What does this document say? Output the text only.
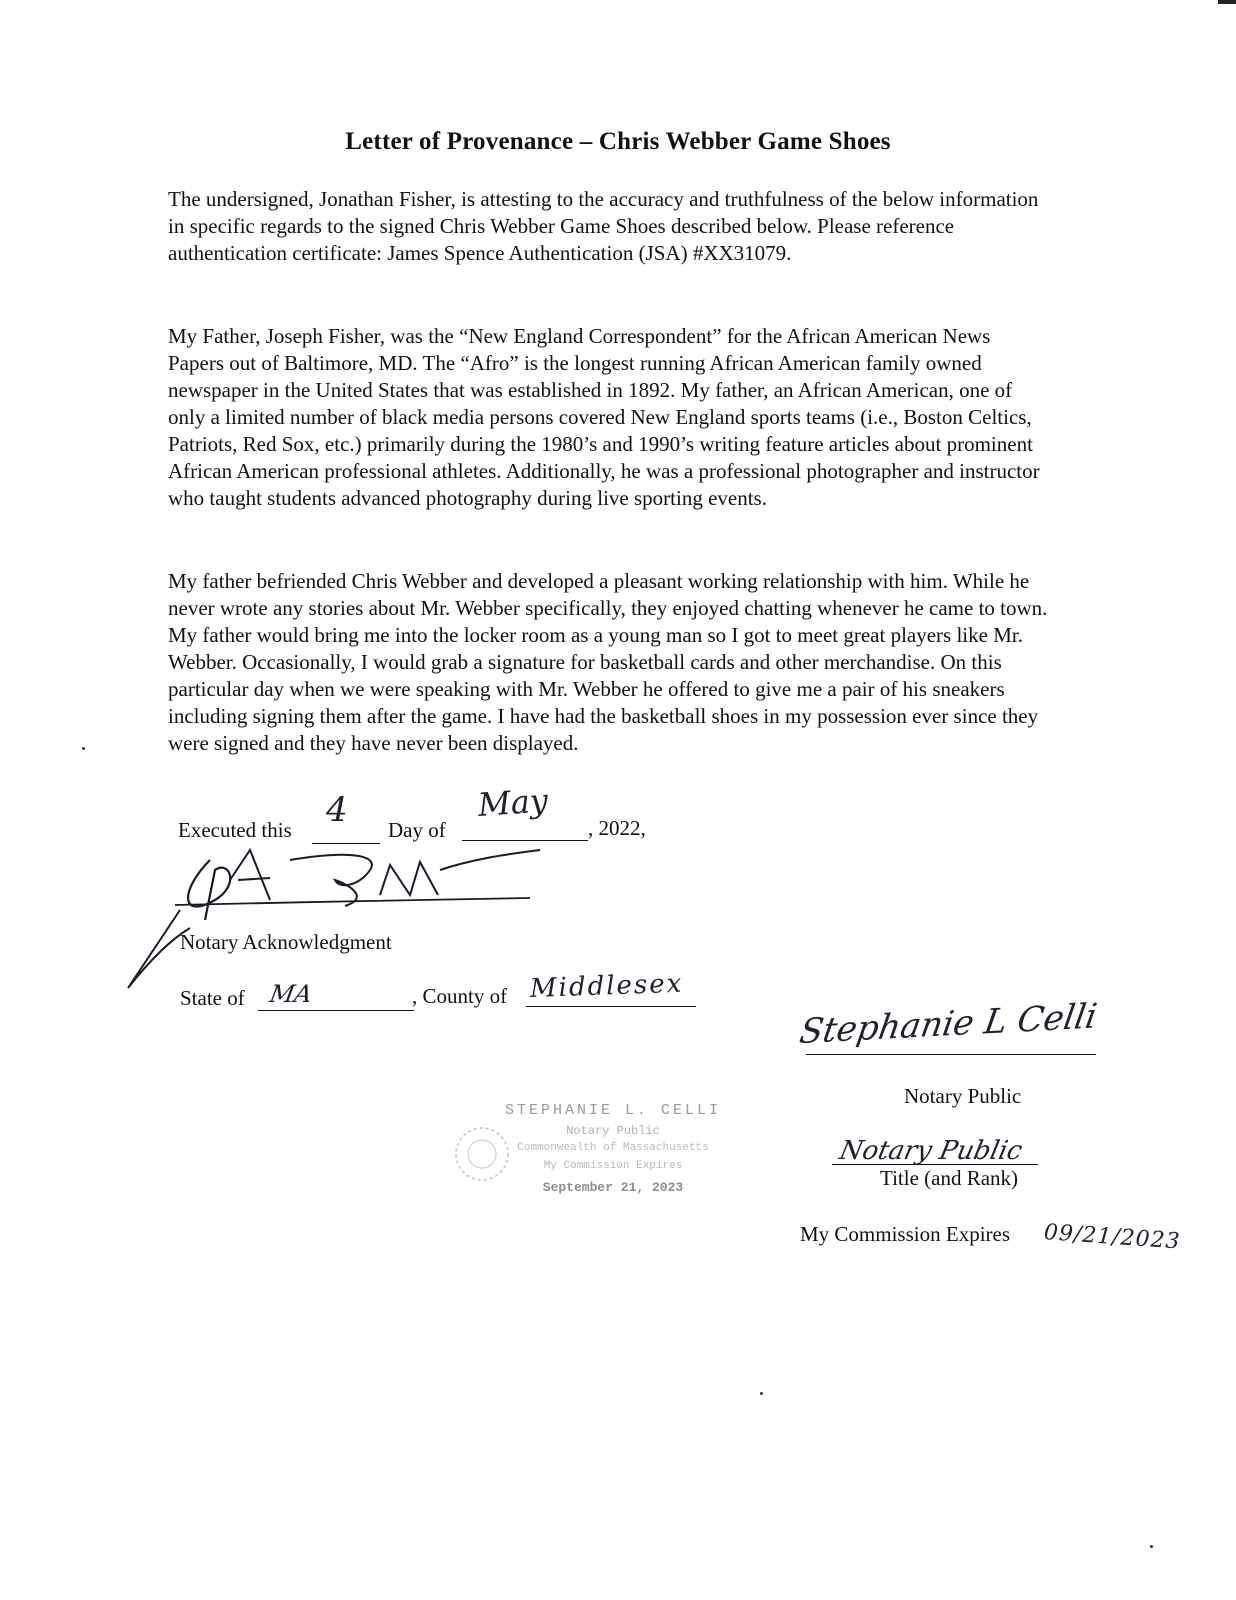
Letter of Provenance – Chris Webber Game Shoes

The undersigned, Jonathan Fisher, is attesting to the accuracy and truthfulness of the below information in specific regards to the signed Chris Webber Game Shoes described below. Please reference authentication certificate: James Spence Authentication (JSA) #XX31079.

My Father, Joseph Fisher, was the “New England Correspondent” for the African American News Papers out of Baltimore, MD. The “Afro” is the longest running African American family owned newspaper in the United States that was established in 1892. My father, an African American, one of only a limited number of black media persons covered New England sports teams (i.e., Boston Celtics, Patriots, Red Sox, etc.) primarily during the 1980’s and 1990’s writing feature articles about prominent African American professional athletes. Additionally, he was a professional photographer and instructor who taught students advanced photography during live sporting events.

My father befriended Chris Webber and developed a pleasant working relationship with him. While he never wrote any stories about Mr. Webber specifically, they enjoyed chatting whenever he came to town. My father would bring me into the locker room as a young man so I got to meet great players like Mr. Webber. Occasionally, I would grab a signature for basketball cards and other merchandise. On this particular day when we were speaking with Mr. Webber he offered to give me a pair of his sneakers including signing them after the game. I have had the basketball shoes in my possession ever since they were signed and they have never been displayed.

Executed this 4 Day of
May
, 2022,
Notary Acknowledgment
State of MA	, County of Middlesex
Stephanie L Celli
Notary Public
Notary Public
Title (and Rank)
My Commission Expires 09/21/2023
STEPHANIE L. CELLI
Notary Public
Commonwealth of Massachusetts
My Commission Expires
September 21, 2023
